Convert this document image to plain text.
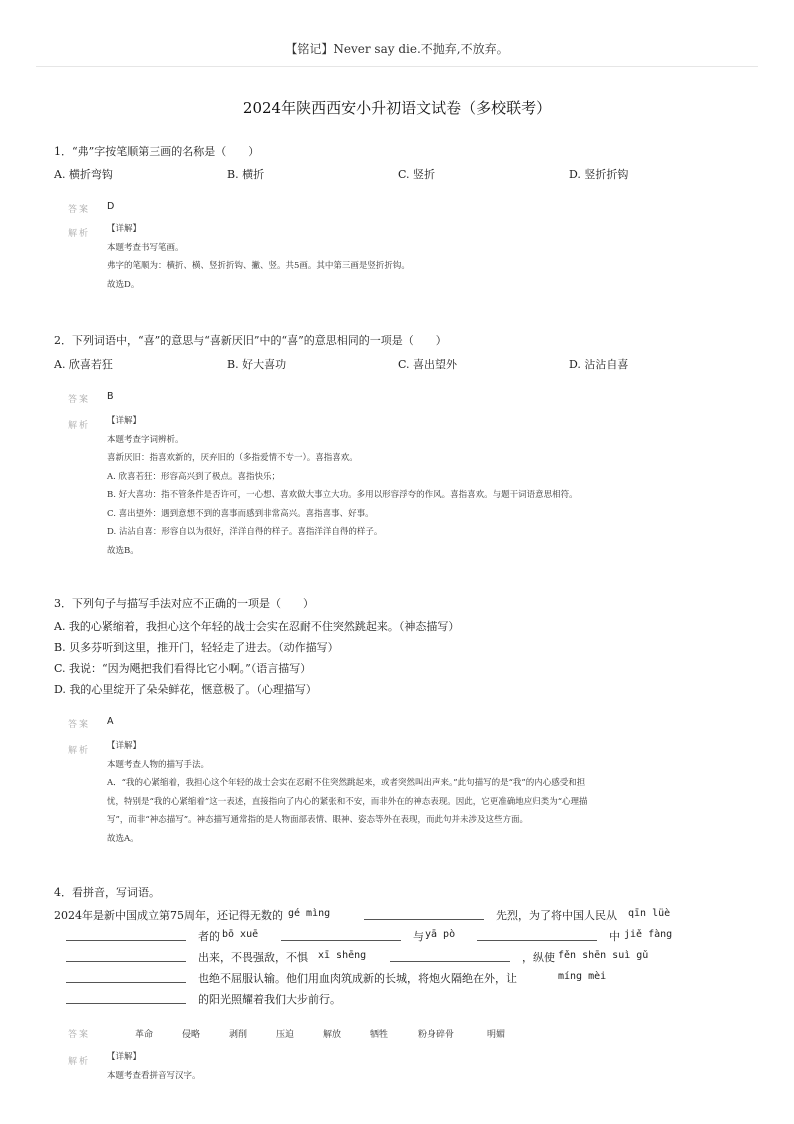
【铭记】Never say die.不抛弃,不放弃。
2024年陕西西安小升初语文试卷（多校联考）
1．“弗”字按笔顺第三画的名称是（　　）
A. 横折弯钩	B. 横折	C. 竖折	D. 竖折折钩
答案 D
解析 【详解】
本题考查书写笔画。
弗字的笔顺为：横折、横、竖折折钩、撇、竖。共5画。其中第三画是竖折折钩。
故选D。
2．下列词语中，“喜”的意思与“喜新厌旧”中的“喜”的意思相同的一项是（　　）
A. 欣喜若狂	B. 好大喜功	C. 喜出望外	D. 沾沾自喜
答案 B
解析 【详解】
本题考查字词辨析。
喜新厌旧：指喜欢新的，厌弃旧的（多指爱情不专一）。喜指喜欢。
A. 欣喜若狂：形容高兴到了极点。喜指快乐；
B. 好大喜功：指不管条件是否许可，一心想、喜欢做大事立大功。多用以形容浮夸的作风。喜指喜欢。与题干词语意思相符。
C. 喜出望外：遇到意想不到的喜事而感到非常高兴。喜指喜事、好事。
D. 沾沾自喜：形容自以为很好，洋洋自得的样子。喜指洋洋自得的样子。
故选B。
3．下列句子与描写手法对应不正确的一项是（　　）
A. 我的心紧缩着，我担心这个年轻的战士会实在忍耐不住突然跳起来。（神态描写）
B. 贝多芬听到这里，推开门，轻轻走了进去。（动作描写）
C. 我说：“因为飓把我们看得比它小啊。”（语言描写）
D. 我的心里绽开了朵朵鲜花，惬意极了。（心理描写）
答案 A
解析 【详解】
本题考查人物的描写手法。
A．“我的心紧缩着，我担心这个年轻的战士会实在忍耐不住突然跳起来，或者突然叫出声来。”此句描写的是“我”的内心感受和担
忧，特别是“我的心紧缩着”这一表述，直接指向了内心的紧张和不安，而非外在的神态表现。因此，它更准确地应归类为“心理描
写”，而非“神态描写”。神态描写通常指的是人物面部表情、眼神、姿态等外在表现，而此句并未涉及这些方面。
故选A。
4．看拼音，写词语。
2024年是新中国成立第75周年，还记得无数的 gé mìng	先烈，为了将中国人民从 qīn lüè
者的 bō xuē	与 yā pò	中 jiě fàng
出来，不畏强敌，不惧 xī shēng	，纵使 fěn shēn suì gǔ
也绝不屈服认输。他们用血肉筑成新的长城，将炮火隔绝在外，让	míng mèi
的阳光照耀着我们大步前行。
答案	革命	侵略	剥削	压迫	解放	牺牲	粉身碎骨	明媚
解析 【详解】
本题考查看拼音写汉字。
